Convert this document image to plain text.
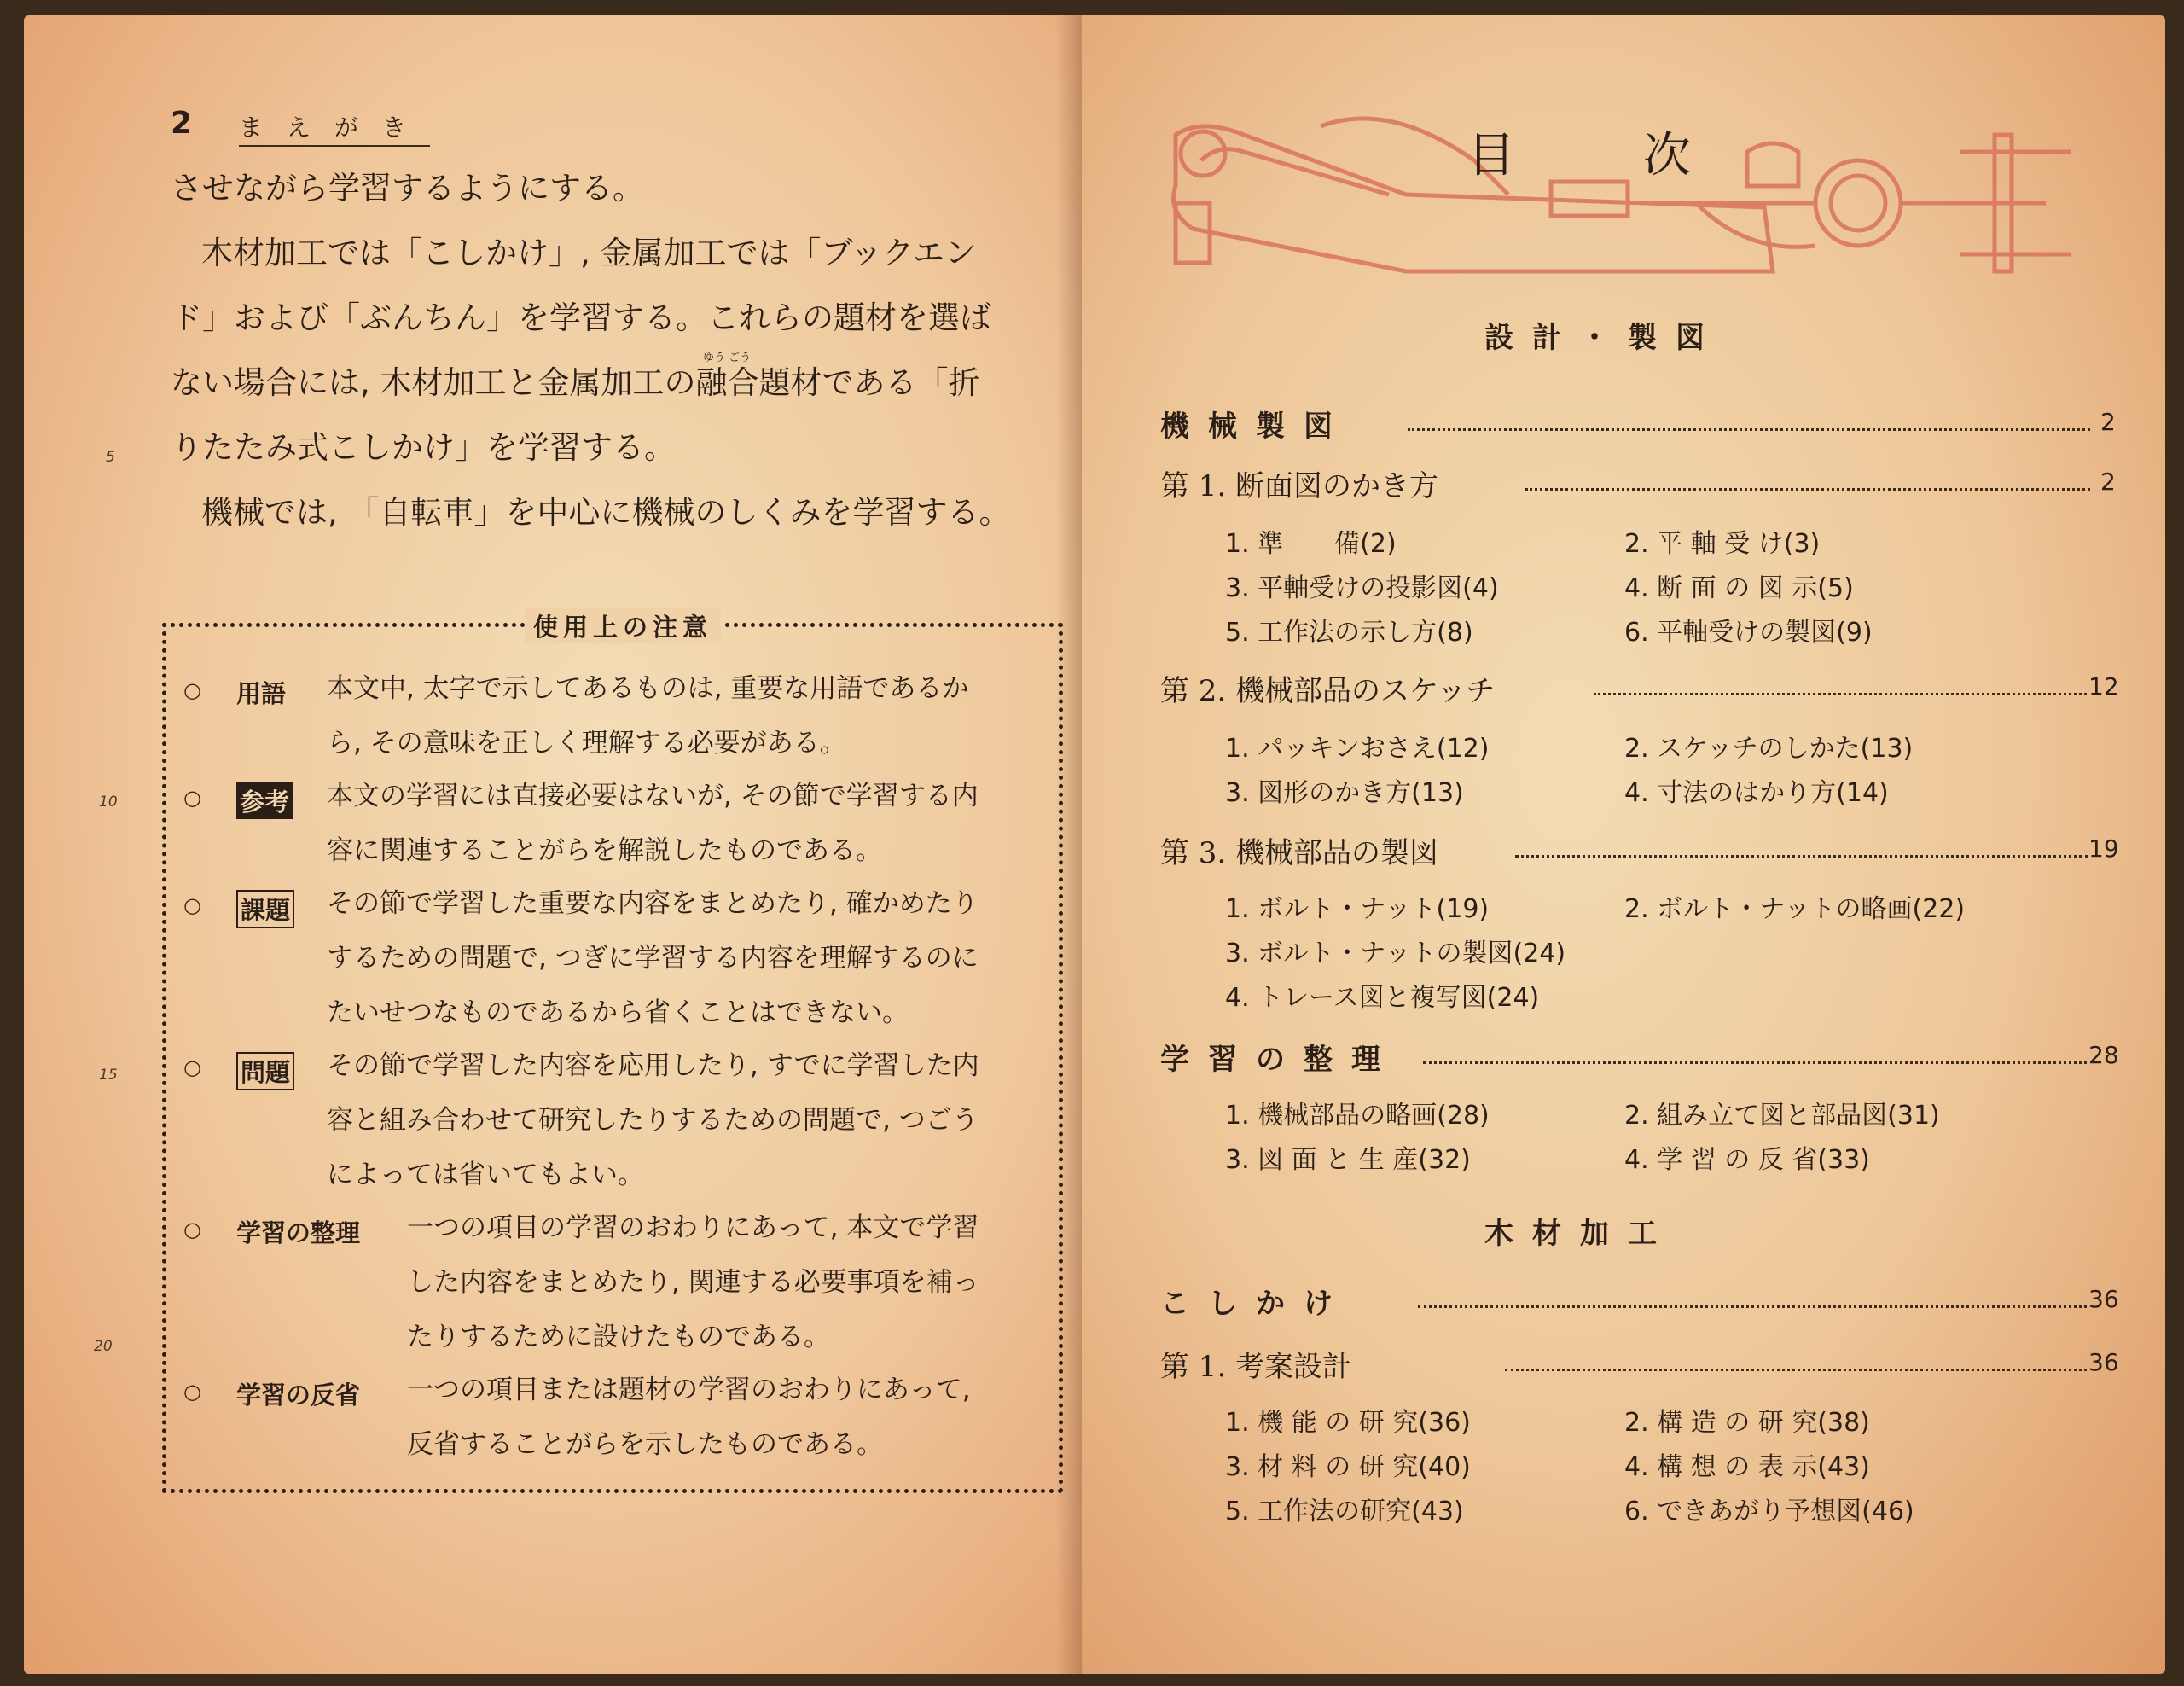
2 まえがき
させながら学習するようにする。
木材加工では「こしかけ」, 金属加工では「ブックエン
ド」および「ぶんちん」を学習する。これらの題材を選ば
ゆう ごう
ない場合には, 木材加工と金属加工の融合題材である「折
りたたみ式こしかけ」を学習する。
機械では, 「自転車」を中心に機械のしくみを学習する。
5
10
15
20
使用上の注意
○ 用語 本文中, 太字で示してあるものは, 重要な用語であるか
ら, その意味を正しく理解する必要がある。
○ 参考 本文の学習には直接必要はないが, その節で学習する内
容に関連することがらを解説したものである。
○ 課題 その節で学習した重要な内容をまとめたり, 確かめたり
するための問題で, つぎに学習する内容を理解するのに
たいせつなものであるから省くことはできない。
○ 問題 その節で学習した内容を応用したり, すでに学習した内
容と組み合わせて研究したりするための問題で, つごう
によっては省いてもよい。
○ 学習の整理 一つの項目の学習のおわりにあって, 本文で学習
した内容をまとめたり, 関連する必要事項を補っ
たりするために設けたものである。
○ 学習の反省 一つの項目または題材の学習のおわりにあって,
反省することがらを示したものである。
目次
設計・製図
機械製図	2
第 1. 断面図のかき方	2
1. 準　　備(2)	2. 平 軸 受 け(3)
3. 平軸受けの投影図(4)	4. 断 面 の 図 示(5)
5. 工作法の示し方(8)	6. 平軸受けの製図(9)
第 2. 機械部品のスケッチ	12
1. パッキンおさえ(12)	2. スケッチのしかた(13)
3. 図形のかき方(13)	4. 寸法のはかり方(14)
第 3. 機械部品の製図	19
1. ボルト・ナット(19)	2. ボルト・ナットの略画(22)
3. ボルト・ナットの製図(24)
4. トレース図と複写図(24)
学習の整理	28
1. 機械部品の略画(28)	2. 組み立て図と部品図(31)
3. 図 面 と 生 産(32)	4. 学 習 の 反 省(33)
木材加工
こしかけ	36
第 1. 考案設計	36
1. 機 能 の 研 究(36)	2. 構 造 の 研 究(38)
3. 材 料 の 研 究(40)	4. 構 想 の 表 示(43)
5. 工作法の研究(43)	6. できあがり予想図(46)
